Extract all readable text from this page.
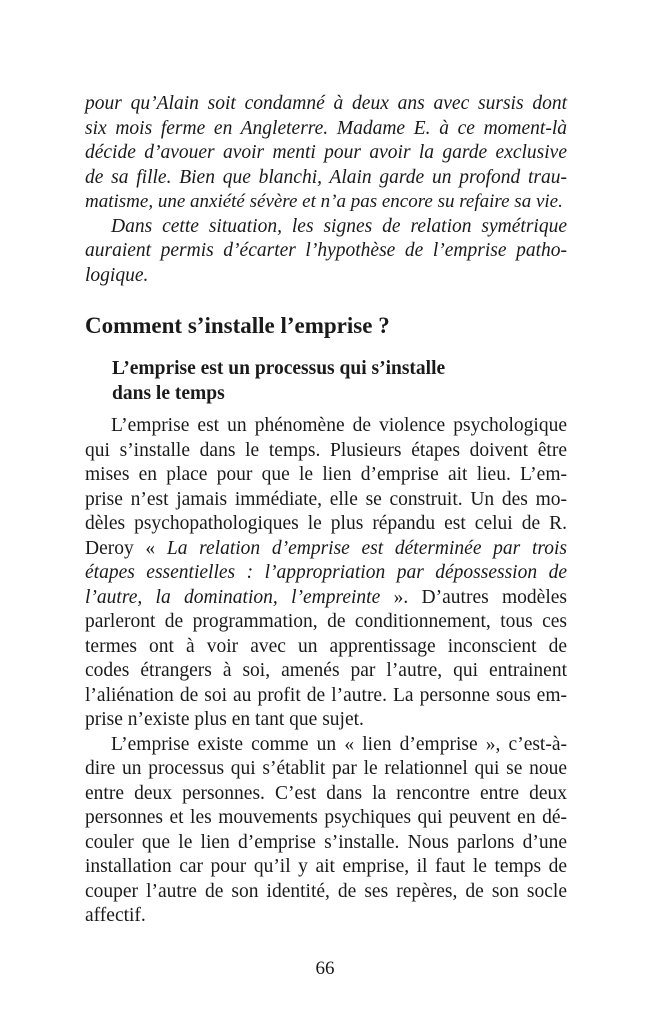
pour qu’Alain soit condamné à deux ans avec sursis dont
six mois ferme en Angleterre. Madame E. à ce moment-là
décide d’avouer avoir menti pour avoir la garde exclusive
de sa fille. Bien que blanchi, Alain garde un profond trau-
matisme, une anxiété sévère et n’a pas encore su refaire sa vie.
Dans cette situation, les signes de relation symétrique
auraient permis d’écarter l’hypothèse de l’emprise patho-
logique.
Comment s’installe l’emprise ?
L’emprise est un processus qui s’installe
dans le temps
L’emprise est un phénomène de violence psychologique
qui s’installe dans le temps. Plusieurs étapes doivent être
mises en place pour que le lien d’emprise ait lieu. L’em-
prise n’est jamais immédiate, elle se construit. Un des mo-
dèles psychopathologiques le plus répandu est celui de R.
Deroy « La relation d’emprise est déterminée par trois
étapes essentielles : l’appropriation par dépossession de
l’autre, la domination, l’empreinte ». D’autres modèles
parleront de programmation, de conditionnement, tous ces
termes ont à voir avec un apprentissage inconscient de
codes étrangers à soi, amenés par l’autre, qui entrainent
l’aliénation de soi au profit de l’autre. La personne sous em-
prise n’existe plus en tant que sujet.
L’emprise existe comme un « lien d’emprise », c’est-à-
dire un processus qui s’établit par le relationnel qui se noue
entre deux personnes. C’est dans la rencontre entre deux
personnes et les mouvements psychiques qui peuvent en dé-
couler que le lien d’emprise s’installe. Nous parlons d’une
installation car pour qu’il y ait emprise, il faut le temps de
couper l’autre de son identité, de ses repères, de son socle
affectif.
66
